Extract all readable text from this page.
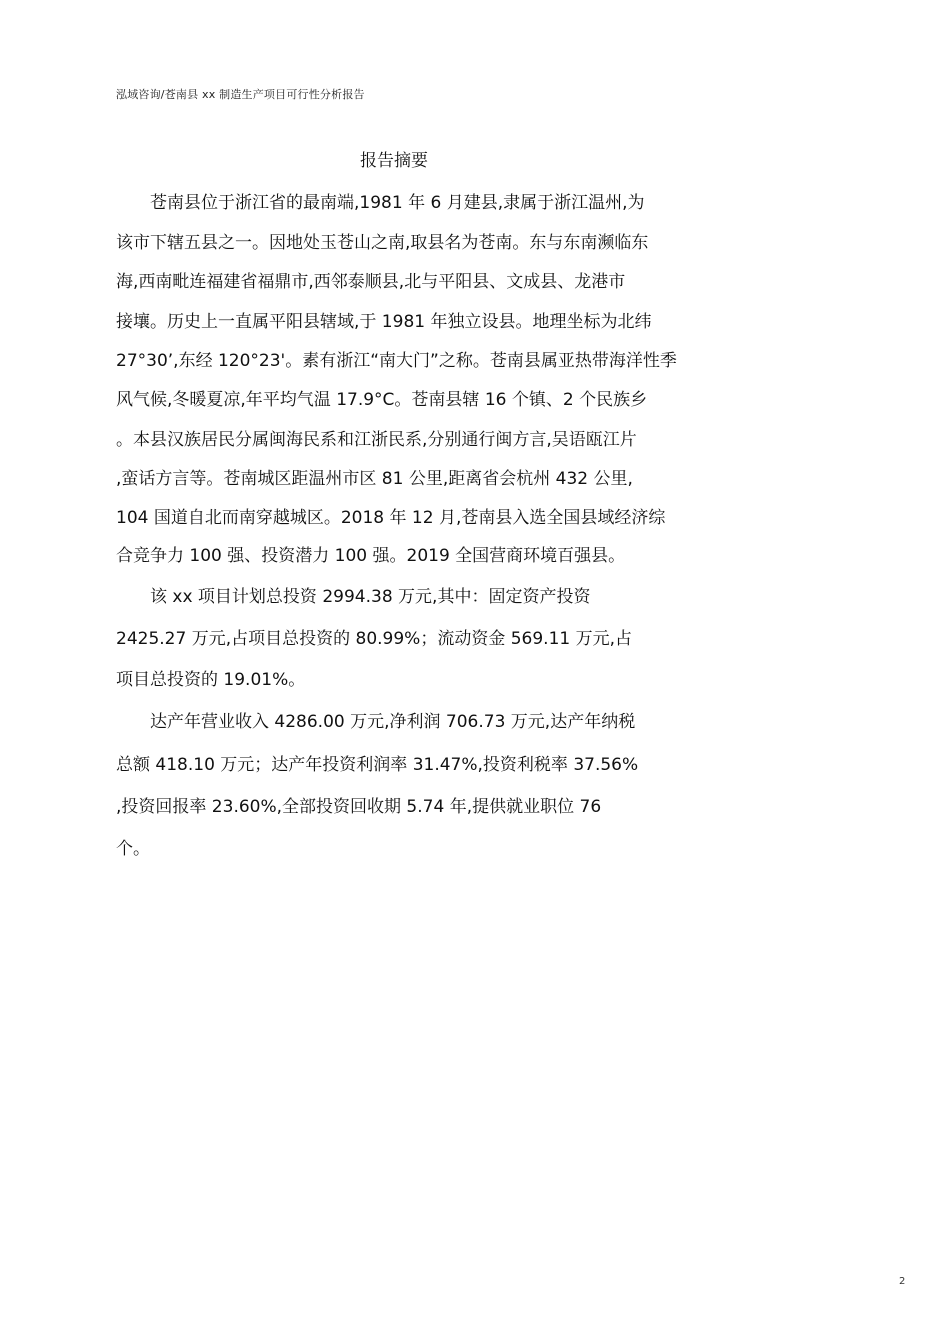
泓域咨询/苍南县 xx 制造生产项目可行性分析报告
报告摘要
苍南县位于浙江省的最南端,1981 年 6 月建县,隶属于浙江温州,为
该市下辖五县之一。因地处玉苍山之南,取县名为苍南。东与东南濒临东
海,西南毗连福建省福鼎市,西邻泰顺县,北与平阳县、文成县、龙港市
接壤。历史上一直属平阳县辖域,于 1981 年独立设县。地理坐标为北纬
27°30’,东经 120°23'。素有浙江“南大门”之称。苍南县属亚热带海洋性季
风气候,冬暖夏凉,年平均气温 17.9°C。苍南县辖 16 个镇、2 个民族乡
。本县汉族居民分属闽海民系和江浙民系,分别通行闽方言,吴语瓯江片
,蛮话方言等。苍南城区距温州市区 81 公里,距离省会杭州 432 公里,
104 国道自北而南穿越城区。2018 年 12 月,苍南县入选全国县域经济综
合竞争力 100 强、投资潜力 100 强。2019 全国营商环境百强县。
该 xx 项目计划总投资 2994.38 万元,其中：固定资产投资
2425.27 万元,占项目总投资的 80.99%；流动资金 569.11 万元,占
项目总投资的 19.01%。
达产年营业收入 4286.00 万元,净利润 706.73 万元,达产年纳税
总额 418.10 万元；达产年投资利润率 31.47%,投资利税率 37.56%
,投资回报率 23.60%,全部投资回收期 5.74 年,提供就业职位 76
个。
2
